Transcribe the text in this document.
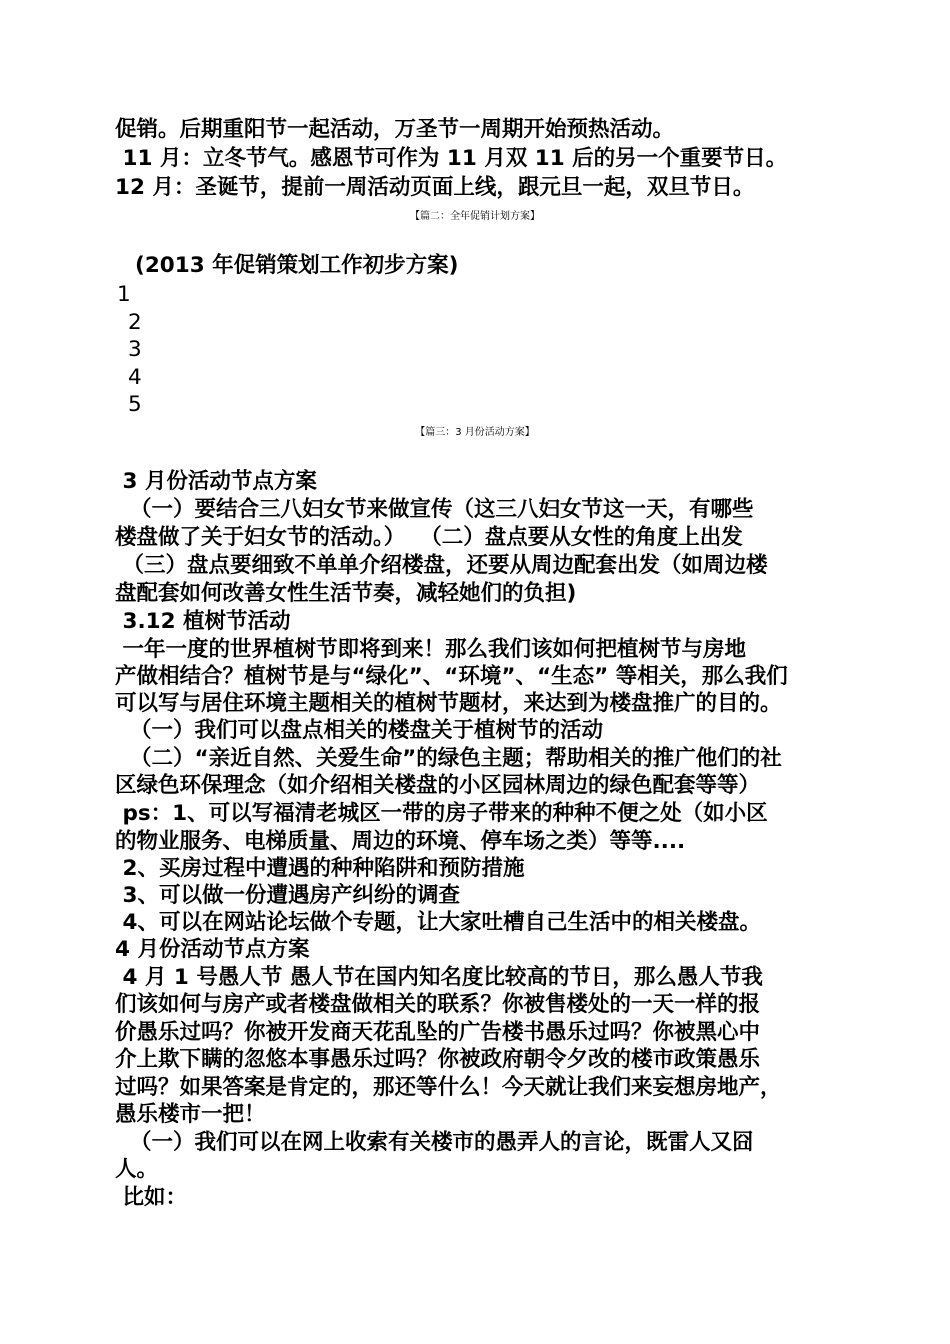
促销。后期重阳节一起活动，万圣节一周期开始预热活动。
11 月：立冬节气。感恩节可作为 11 月双 11 后的另一个重要节日。
12 月：圣诞节，提前一周活动页面上线，跟元旦一起，双旦节日。
【篇二：全年促销计划方案】
(2013 年促销策划工作初步方案)
1
2
3
4
5
【篇三：3 月份活动方案】
3 月份活动节点方案
（一）要结合三八妇女节来做宣传（这三八妇女节这一天，有哪些
楼盘做了关于妇女节的活动。）  （二）盘点要从女性的角度上出发
（三）盘点要细致不单单介绍楼盘，还要从周边配套出发（如周边楼
盘配套如何改善女性生活节奏，减轻她们的负担)
3.12 植树节活动
一年一度的世界植树节即将到来！那么我们该如何把植树节与房地
产做相结合？植树节是与“绿化”、“环境”、“生态” 等相关，那么我们
可以写与居住环境主题相关的植树节题材，来达到为楼盘推广的目的。
（一）我们可以盘点相关的楼盘关于植树节的活动
（二）“亲近自然、关爱生命”的绿色主题；帮助相关的推广他们的社
区绿色环保理念（如介绍相关楼盘的小区园林周边的绿色配套等等）
ps：1、可以写福清老城区一带的房子带来的种种不便之处（如小区
的物业服务、电梯质量、周边的环境、停车场之类）等等....
2、买房过程中遭遇的种种陷阱和预防措施
3、可以做一份遭遇房产纠纷的调查
4、可以在网站论坛做个专题，让大家吐槽自己生活中的相关楼盘。
4 月份活动节点方案
4 月 1 号愚人节 愚人节在国内知名度比较高的节日，那么愚人节我
们该如何与房产或者楼盘做相关的联系？你被售楼处的一天一样的报
价愚乐过吗？你被开发商天花乱坠的广告楼书愚乐过吗？你被黑心中
介上欺下瞒的忽悠本事愚乐过吗？你被政府朝令夕改的楼市政策愚乐
过吗？如果答案是肯定的，那还等什么！今天就让我们来妄想房地产，
愚乐楼市一把！
（一）我们可以在网上收索有关楼市的愚弄人的言论，既雷人又囧
人。
比如：
